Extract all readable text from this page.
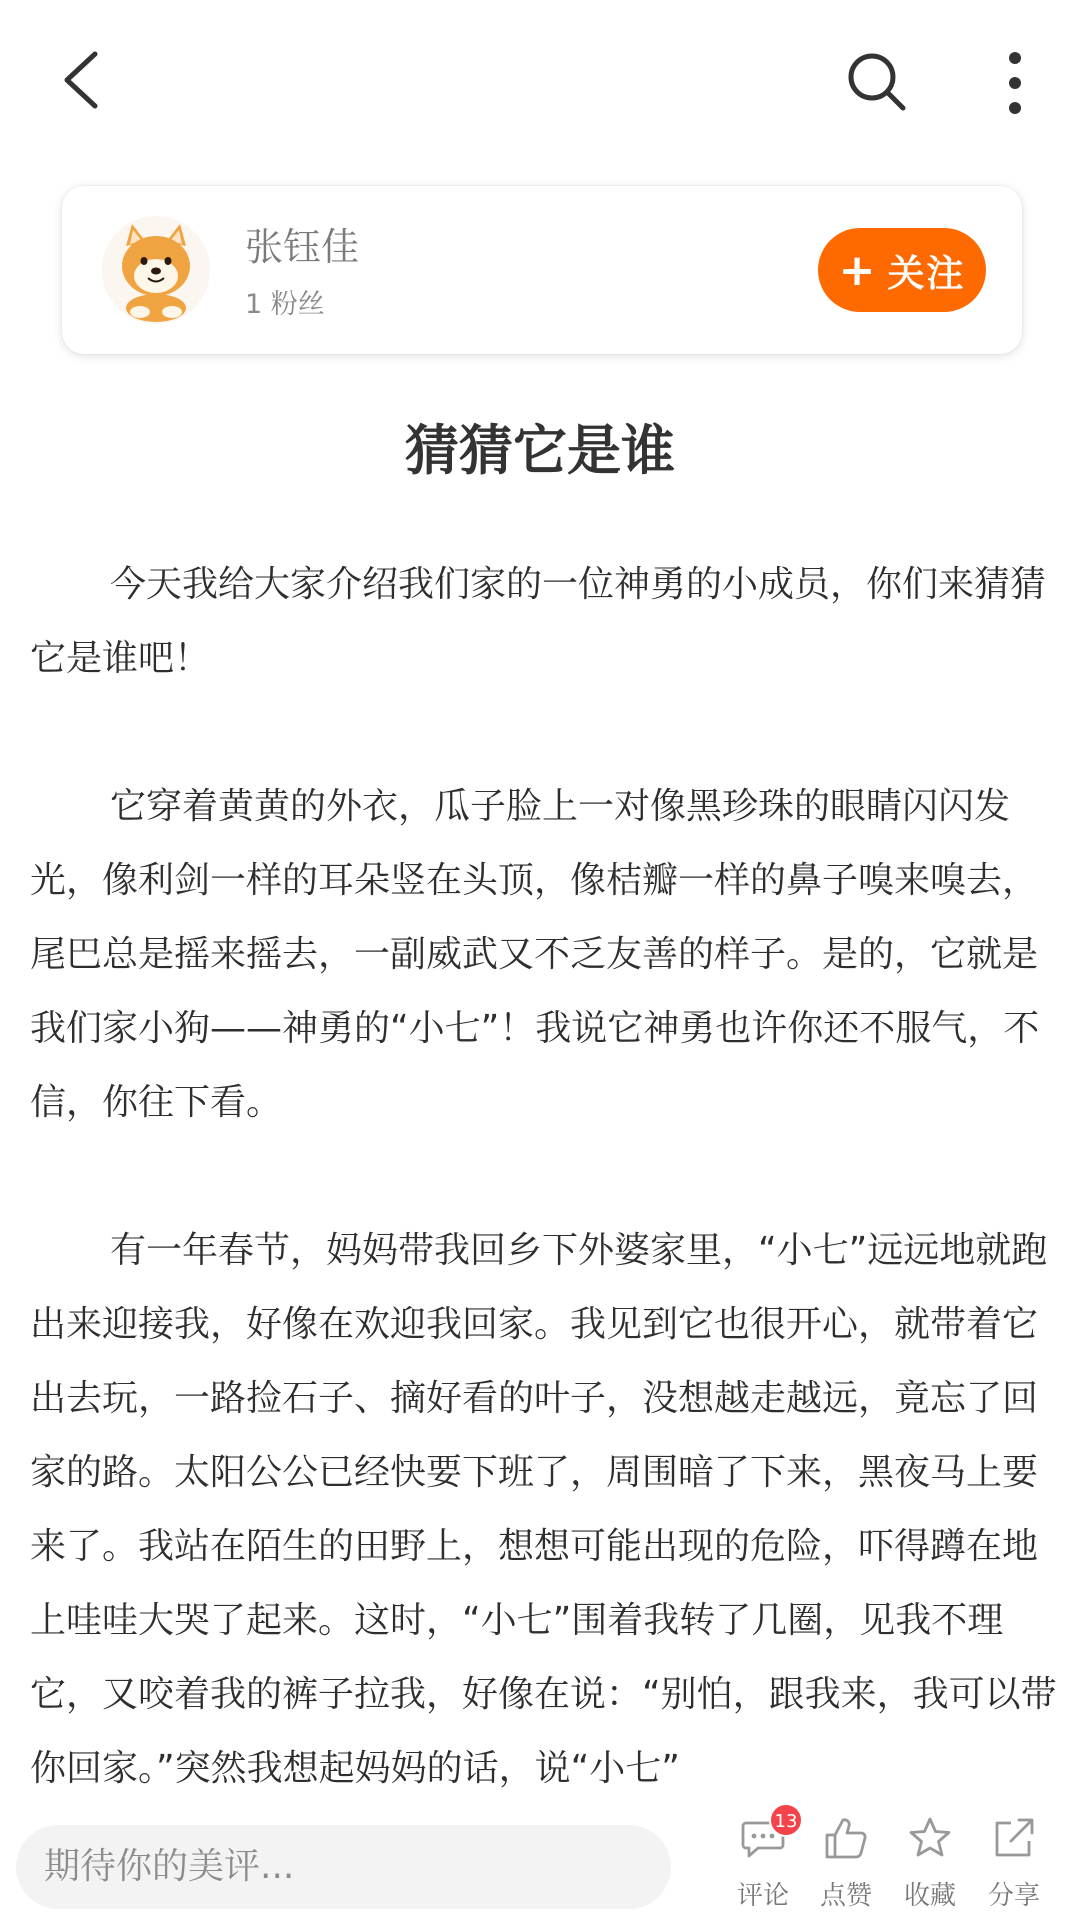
张钰佳
1 粉丝
+ 关注
猜猜它是谁

今天我给大家介绍我们家的一位神勇的小成员，你们来猜猜它是谁吧！

它穿着黄黄的外衣，瓜子脸上一对像黑珍珠的眼睛闪闪发光，像利剑一样的耳朵竖在头顶，像桔瓣一样的鼻子嗅来嗅去，尾巴总是摇来摇去，一副威武又不乏友善的样子。是的，它就是我们家小狗——神勇的“小七”！我说它神勇也许你还不服气，不信，你往下看。

有一年春节，妈妈带我回乡下外婆家里，“小七”远远地就跑出来迎接我，好像在欢迎我回家。我见到它也很开心，就带着它出去玩，一路捡石子、摘好看的叶子，没想越走越远，竟忘了回家的路。太阳公公已经快要下班了，周围暗了下来，黑夜马上要来了。我站在陌生的田野上，想想可能出现的危险，吓得蹲在地上哇哇大哭了起来。这时，“小七”围着我转了几圈，见我不理它，又咬着我的裤子拉我，好像在说：“别怕，跟我来，我可以带你回家。”突然我想起妈妈的话，说“小七”

期待你的美评...
13
评论	点赞	收藏	分享
